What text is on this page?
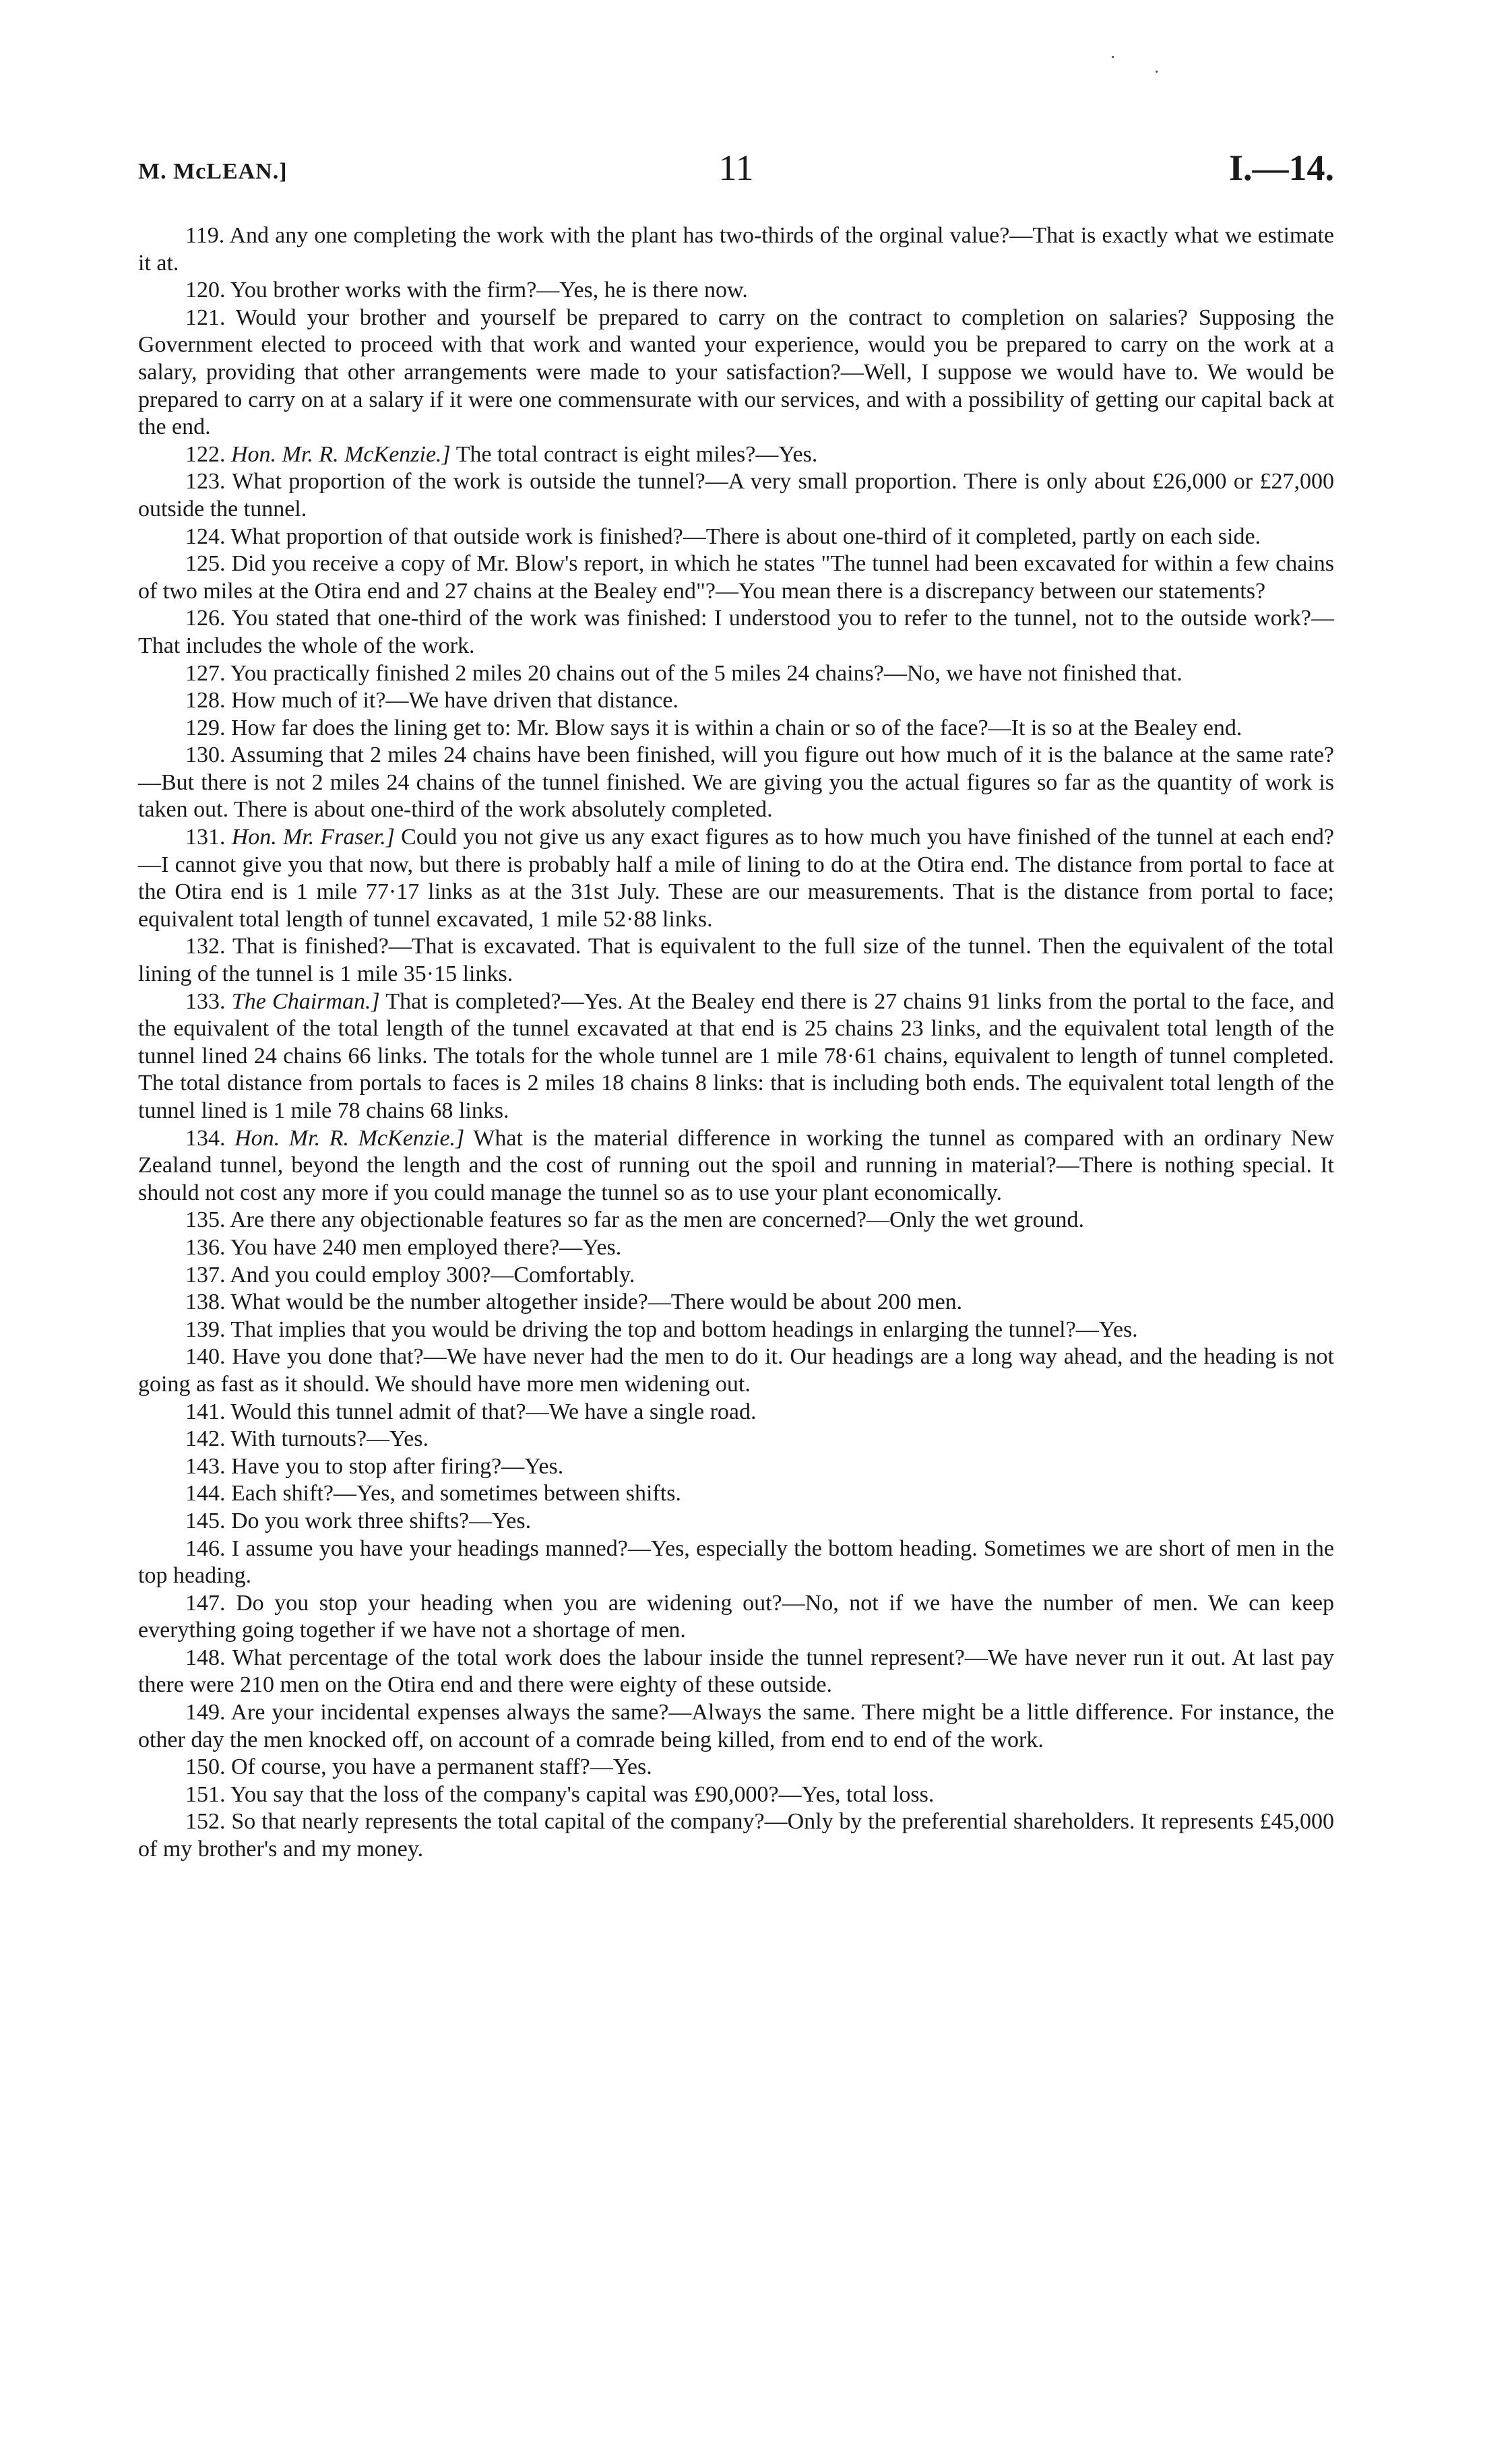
.
·
M. McLEAN.]	11	I.—14.

119. And any one completing the work with the plant has two-thirds of the orginal value?—That is exactly what we estimate it at.

120. You brother works with the firm?—Yes, he is there now.

121. Would your brother and yourself be prepared to carry on the contract to completion on salaries? Supposing the Government elected to proceed with that work and wanted your experience, would you be prepared to carry on the work at a salary, providing that other arrangements were made to your satisfaction?—Well, I suppose we would have to. We would be prepared to carry on at a salary if it were one commensurate with our services, and with a possibility of getting our capital back at the end.

122. Hon. Mr. R. McKenzie.] The total contract is eight miles?—Yes.

123. What proportion of the work is outside the tunnel?—A very small proportion. There is only about £26,000 or £27,000 outside the tunnel.

124. What proportion of that outside work is finished?—There is about one-third of it completed, partly on each side.

125. Did you receive a copy of Mr. Blow's report, in which he states "The tunnel had been excavated for within a few chains of two miles at the Otira end and 27 chains at the Bealey end"?—You mean there is a discrepancy between our statements?

126. You stated that one-third of the work was finished: I understood you to refer to the tunnel, not to the outside work?—That includes the whole of the work.

127. You practically finished 2 miles 20 chains out of the 5 miles 24 chains?—No, we have not finished that.

128. How much of it?—We have driven that distance.

129. How far does the lining get to: Mr. Blow says it is within a chain or so of the face?—It is so at the Bealey end.

130. Assuming that 2 miles 24 chains have been finished, will you figure out how much of it is the balance at the same rate?—But there is not 2 miles 24 chains of the tunnel finished. We are giving you the actual figures so far as the quantity of work is taken out. There is about one-third of the work absolutely completed.

131. Hon. Mr. Fraser.] Could you not give us any exact figures as to how much you have finished of the tunnel at each end?—I cannot give you that now, but there is probably half a mile of lining to do at the Otira end. The distance from portal to face at the Otira end is 1 mile 77·17 links as at the 31st July. These are our measurements. That is the distance from portal to face; equivalent total length of tunnel excavated, 1 mile 52·88 links.

132. That is finished?—That is excavated. That is equivalent to the full size of the tunnel. Then the equivalent of the total lining of the tunnel is 1 mile 35·15 links.

133. The Chairman.] That is completed?—Yes. At the Bealey end there is 27 chains 91 links from the portal to the face, and the equivalent of the total length of the tunnel excavated at that end is 25 chains 23 links, and the equivalent total length of the tunnel lined 24 chains 66 links. The totals for the whole tunnel are 1 mile 78·61 chains, equivalent to length of tunnel completed. The total distance from portals to faces is 2 miles 18 chains 8 links: that is including both ends. The equivalent total length of the tunnel lined is 1 mile 78 chains 68 links.

134. Hon. Mr. R. McKenzie.] What is the material difference in working the tunnel as compared with an ordinary New Zealand tunnel, beyond the length and the cost of running out the spoil and running in material?—There is nothing special. It should not cost any more if you could manage the tunnel so as to use your plant economically.

135. Are there any objectionable features so far as the men are concerned?—Only the wet ground.

136. You have 240 men employed there?—Yes.

137. And you could employ 300?—Comfortably.

138. What would be the number altogether inside?—There would be about 200 men.

139. That implies that you would be driving the top and bottom headings in enlarging the tunnel?—Yes.

140. Have you done that?—We have never had the men to do it. Our headings are a long way ahead, and the heading is not going as fast as it should. We should have more men widening out.

141. Would this tunnel admit of that?—We have a single road.

142. With turnouts?—Yes.

143. Have you to stop after firing?—Yes.

144. Each shift?—Yes, and sometimes between shifts.

145. Do you work three shifts?—Yes.

146. I assume you have your headings manned?—Yes, especially the bottom heading. Sometimes we are short of men in the top heading.

147. Do you stop your heading when you are widening out?—No, not if we have the number of men. We can keep everything going together if we have not a shortage of men.

148. What percentage of the total work does the labour inside the tunnel represent?—We have never run it out. At last pay there were 210 men on the Otira end and there were eighty of these outside.

149. Are your incidental expenses always the same?—Always the same. There might be a little difference. For instance, the other day the men knocked off, on account of a comrade being killed, from end to end of the work.

150. Of course, you have a permanent staff?—Yes.

151. You say that the loss of the company's capital was £90,000?—Yes, total loss.

152. So that nearly represents the total capital of the company?—Only by the preferential shareholders. It represents £45,000 of my brother's and my money.
